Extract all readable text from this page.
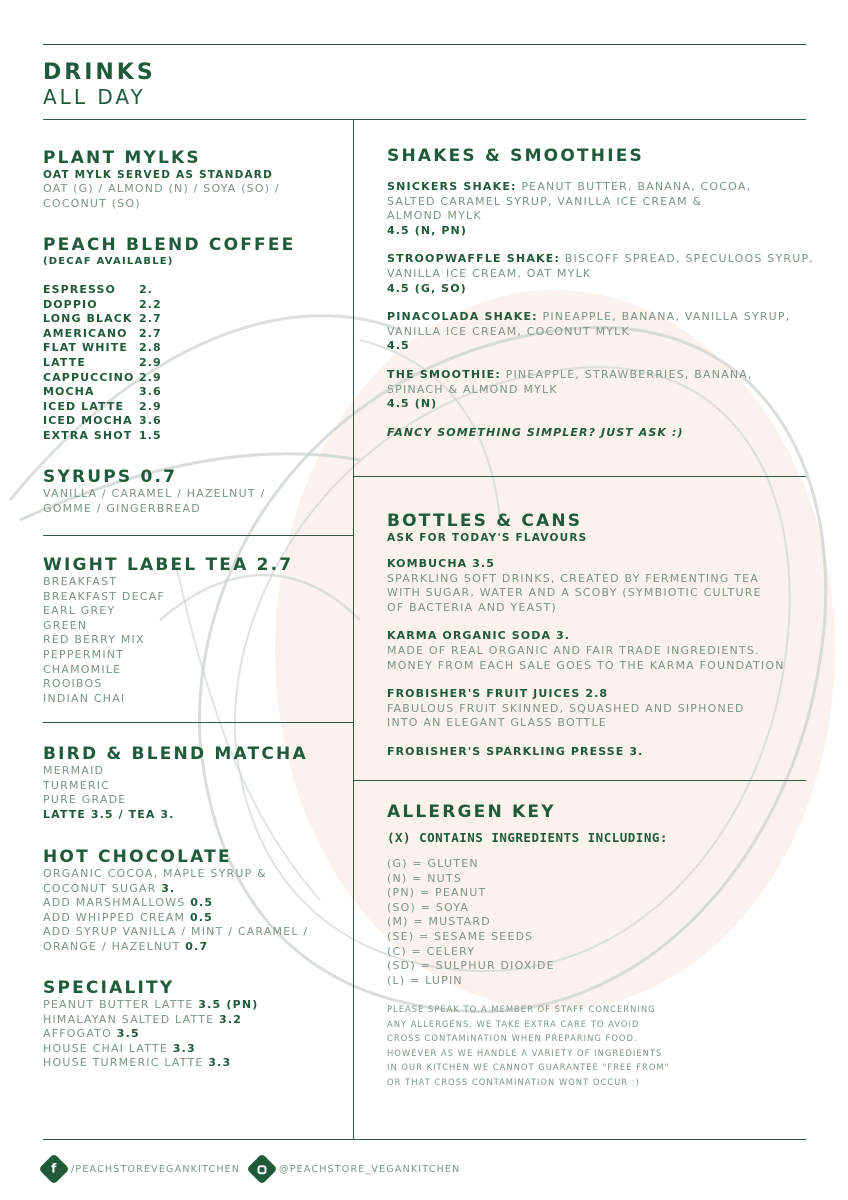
DRINKS
ALL DAY
PLANT MYLKS
OAT MYLK SERVED AS STANDARD
OAT (G) / ALMOND (N) / SOYA (SO) /
COCONUT (SO)
PEACH BLEND COFFEE
(DECAF AVAILABLE)
ESPRESSO	2.
DOPPIO	2.2
LONG BLACK 2.7
AMERICANO	2.7
FLAT WHITE	2.8
LATTE	2.9
CAPPUCCINO 2.9
MOCHA	3.6
ICED LATTE	2.9
ICED MOCHA 3.6
EXTRA SHOT 1.5
SYRUPS 0.7
VANILLA / CARAMEL / HAZELNUT /
GOMME / GINGERBREAD
WIGHT LABEL TEA 2.7
BREAKFAST
BREAKFAST DECAF
EARL GREY
GREEN
RED BERRY MIX
PEPPERMINT
CHAMOMILE
ROOIBOS
INDIAN CHAI
BIRD & BLEND MATCHA
MERMAID
TURMERIC
PURE GRADE
LATTE 3.5 / TEA 3.
HOT CHOCOLATE
ORGANIC COCOA, MAPLE SYRUP &
COCONUT SUGAR 3.
ADD MARSHMALLOWS 0.5
ADD WHIPPED CREAM 0.5
ADD SYRUP VANILLA / MINT / CARAMEL /
ORANGE / HAZELNUT 0.7
SPECIALITY
PEANUT BUTTER LATTE 3.5 (PN)
HIMALAYAN SALTED LATTE 3.2
AFFOGATO 3.5
HOUSE CHAI LATTE 3.3
HOUSE TURMERIC LATTE 3.3
SHAKES & SMOOTHIES
SNICKERS SHAKE: PEANUT BUTTER, BANANA, COCOA,
SALTED CARAMEL SYRUP, VANILLA ICE CREAM &
ALMOND MYLK
4.5 (N, PN)
STROOPWAFFLE SHAKE: BISCOFF SPREAD, SPECULOOS SYRUP,
VANILLA ICE CREAM, OAT MYLK
4.5 (G, SO)
PINACOLADA SHAKE: PINEAPPLE, BANANA, VANILLA SYRUP,
VANILLA ICE CREAM, COCONUT MYLK
4.5
THE SMOOTHIE: PINEAPPLE, STRAWBERRIES, BANANA,
SPINACH & ALMOND MYLK
4.5 (N)
FANCY SOMETHING SIMPLER? JUST ASK :)
BOTTLES & CANS
ASK FOR TODAY'S FLAVOURS
KOMBUCHA 3.5
SPARKLING SOFT DRINKS, CREATED BY FERMENTING TEA
WITH SUGAR, WATER AND A SCOBY (SYMBIOTIC CULTURE
OF BACTERIA AND YEAST)
KARMA ORGANIC SODA 3.
MADE OF REAL ORGANIC AND FAIR TRADE INGREDIENTS.
MONEY FROM EACH SALE GOES TO THE KARMA FOUNDATION
FROBISHER'S FRUIT JUICES 2.8
FABULOUS FRUIT SKINNED, SQUASHED AND SIPHONED
INTO AN ELEGANT GLASS BOTTLE
FROBISHER'S SPARKLING PRESSE 3.
ALLERGEN KEY
(X) CONTAINS INGREDIENTS INCLUDING:
(G) = GLUTEN
(N) = NUTS
(PN) = PEANUT
(SO) = SOYA
(M) = MUSTARD
(SE) = SESAME SEEDS
(C) = CELERY
(SD) = SULPHUR DIOXIDE
(L) = LUPIN
PLEASE SPEAK TO A MEMBER OF STAFF CONCERNING
ANY ALLERGENS. WE TAKE EXTRA CARE TO AVOID
CROSS CONTAMINATION WHEN PREPARING FOOD.
HOWEVER AS WE HANDLE A VARIETY OF INGREDIENTS
IN OUR KITCHEN WE CANNOT GUARANTEE "FREE FROM"
OR THAT CROSS CONTAMINATION WONT OCCUR :)
f /PEACHSTOREVEGANKITCHEN	@PEACHSTORE_VEGANKITCHEN
